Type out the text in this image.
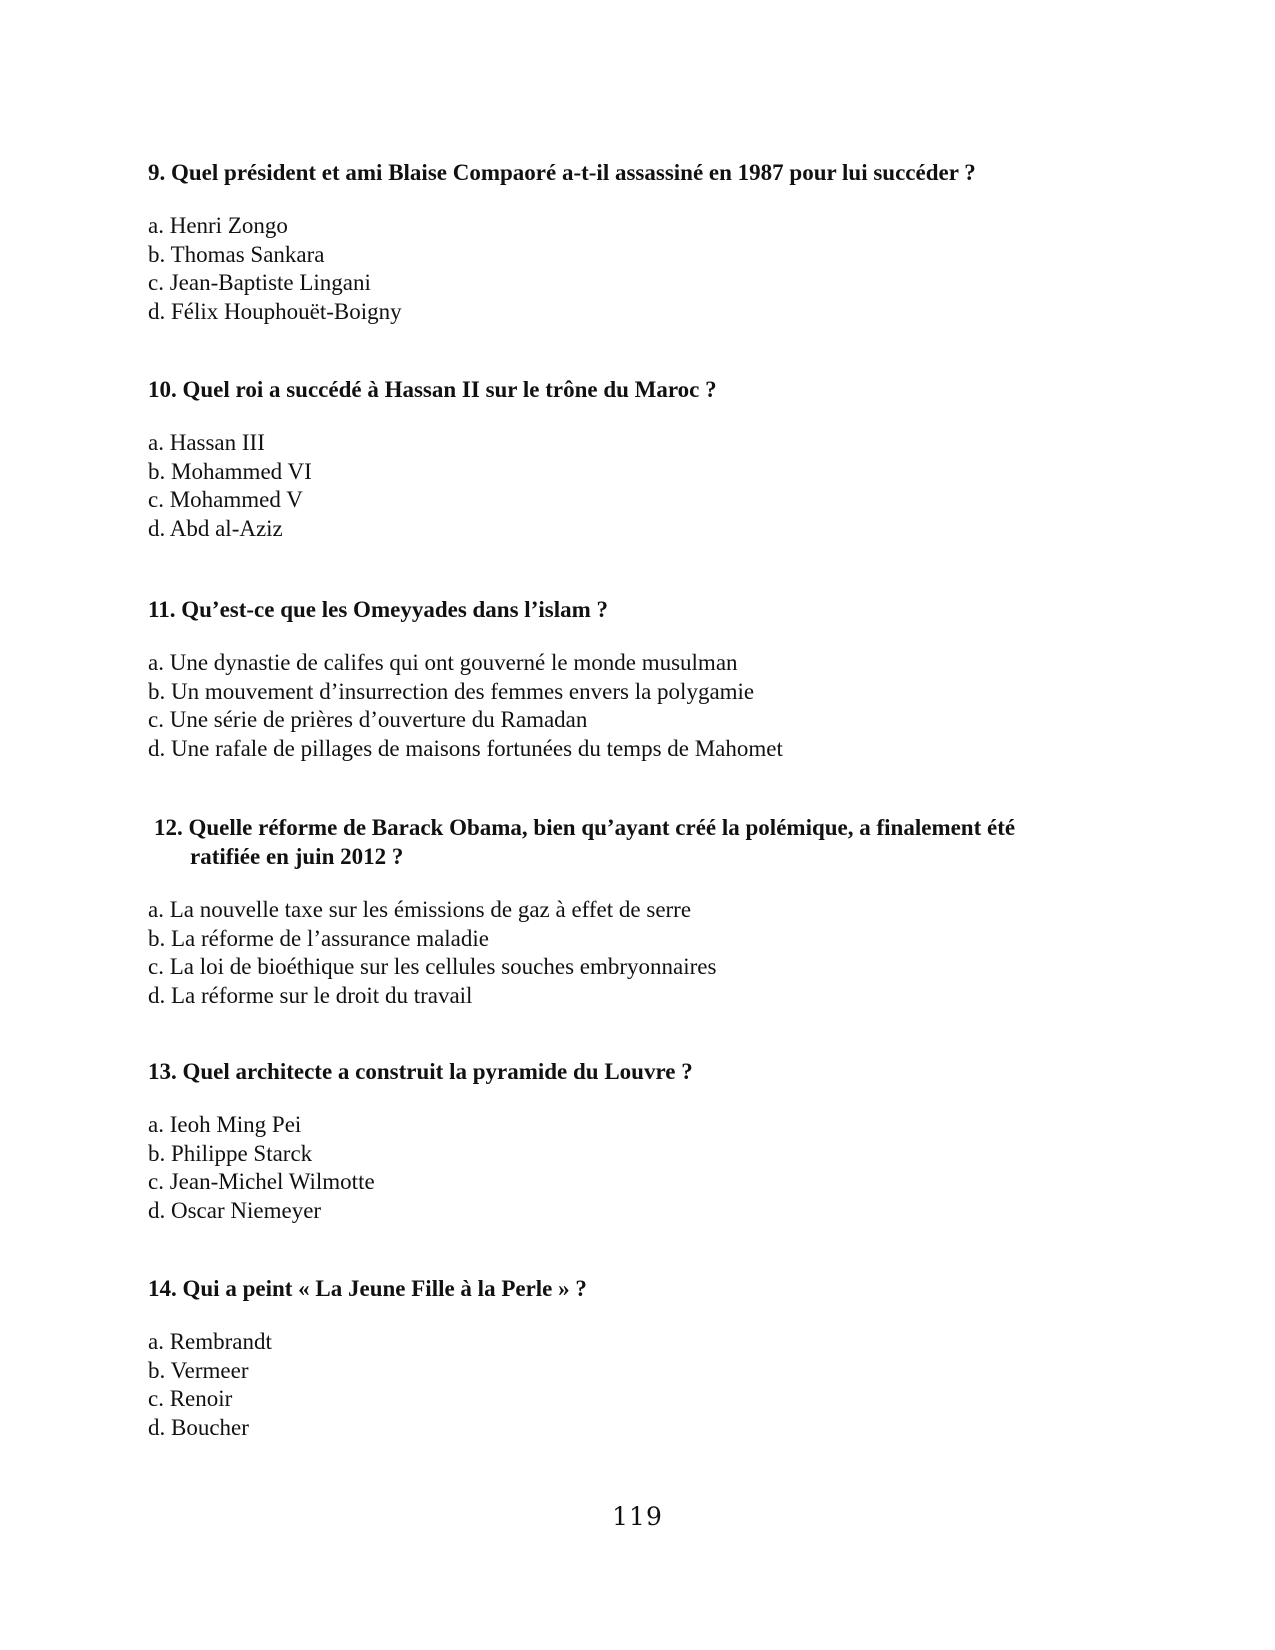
9. Quel président et ami Blaise Compaoré a-t-il assassiné en 1987 pour lui succéder ?

a. Henri Zongo
b. Thomas Sankara
c. Jean-Baptiste Lingani
d. Félix Houphouët-Boigny

10. Quel roi a succédé à Hassan II sur le trône du Maroc ?

a. Hassan III
b. Mohammed VI
c. Mohammed V
d. Abd al-Aziz

11. Qu’est-ce que les Omeyyades dans l’islam ?

a. Une dynastie de califes qui ont gouverné le monde musulman
b. Un mouvement d’insurrection des femmes envers la polygamie
c. Une série de prières d’ouverture du Ramadan
d. Une rafale de pillages de maisons fortunées du temps de Mahomet

12. Quelle réforme de Barack Obama, bien qu’ayant créé la polémique, a finalement été
ratifiée en juin 2012 ?

a. La nouvelle taxe sur les émissions de gaz à effet de serre
b. La réforme de l’assurance maladie
c. La loi de bioéthique sur les cellules souches embryonnaires
d. La réforme sur le droit du travail

13. Quel architecte a construit la pyramide du Louvre ?

a. Ieoh Ming Pei
b. Philippe Starck
c. Jean-Michel Wilmotte
d. Oscar Niemeyer

14. Qui a peint « La Jeune Fille à la Perle » ?

a. Rembrandt
b. Vermeer
c. Renoir
d. Boucher
119
